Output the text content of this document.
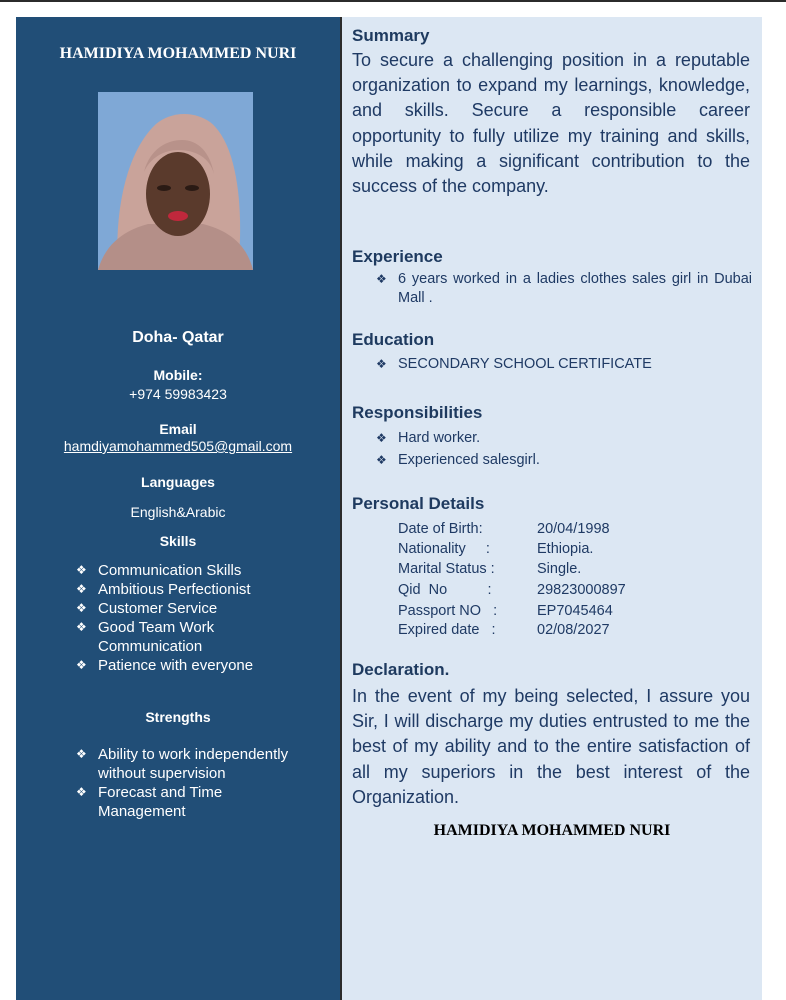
HAMIDIYA MOHAMMED NURI
Doha- Qatar
Mobile:
+974 59983423
Email
hamdiyamohammed505@gmail.com
Languages
English&Arabic
Skills
❖ Communication Skills
❖ Ambitious Perfectionist
❖ Customer Service
❖ Good Team Work Communication
❖ Patience with everyone
Strengths
❖ Ability to work independently without supervision
❖ Forecast and Time Management
Summary
To secure a challenging position in a reputable organization to expand my learnings, knowledge, and skills. Secure a responsible career opportunity to fully utilize my training and skills, while making a significant contribution to the success of the company.
Experience
❖ 6 years worked in a ladies clothes sales girl in Dubai Mall .
Education
❖ SECONDARY SCHOOL CERTIFICATE
Responsibilities
❖ Hard worker.
❖ Experienced salesgirl.
Personal Details
Date of Birth:	20/04/1998
Nationality     :	Ethiopia.
Marital Status :	Single.
Qid  No          :	29823000897
Passport NO   :	EP7045464
Expired date   :	02/08/2027
Declaration.
In the event of my being selected, I assure you Sir, I will discharge my duties entrusted to me the best of my ability and to the entire satisfaction of all my superiors in the best interest of the Organization.
HAMIDIYA MOHAMMED NURI
